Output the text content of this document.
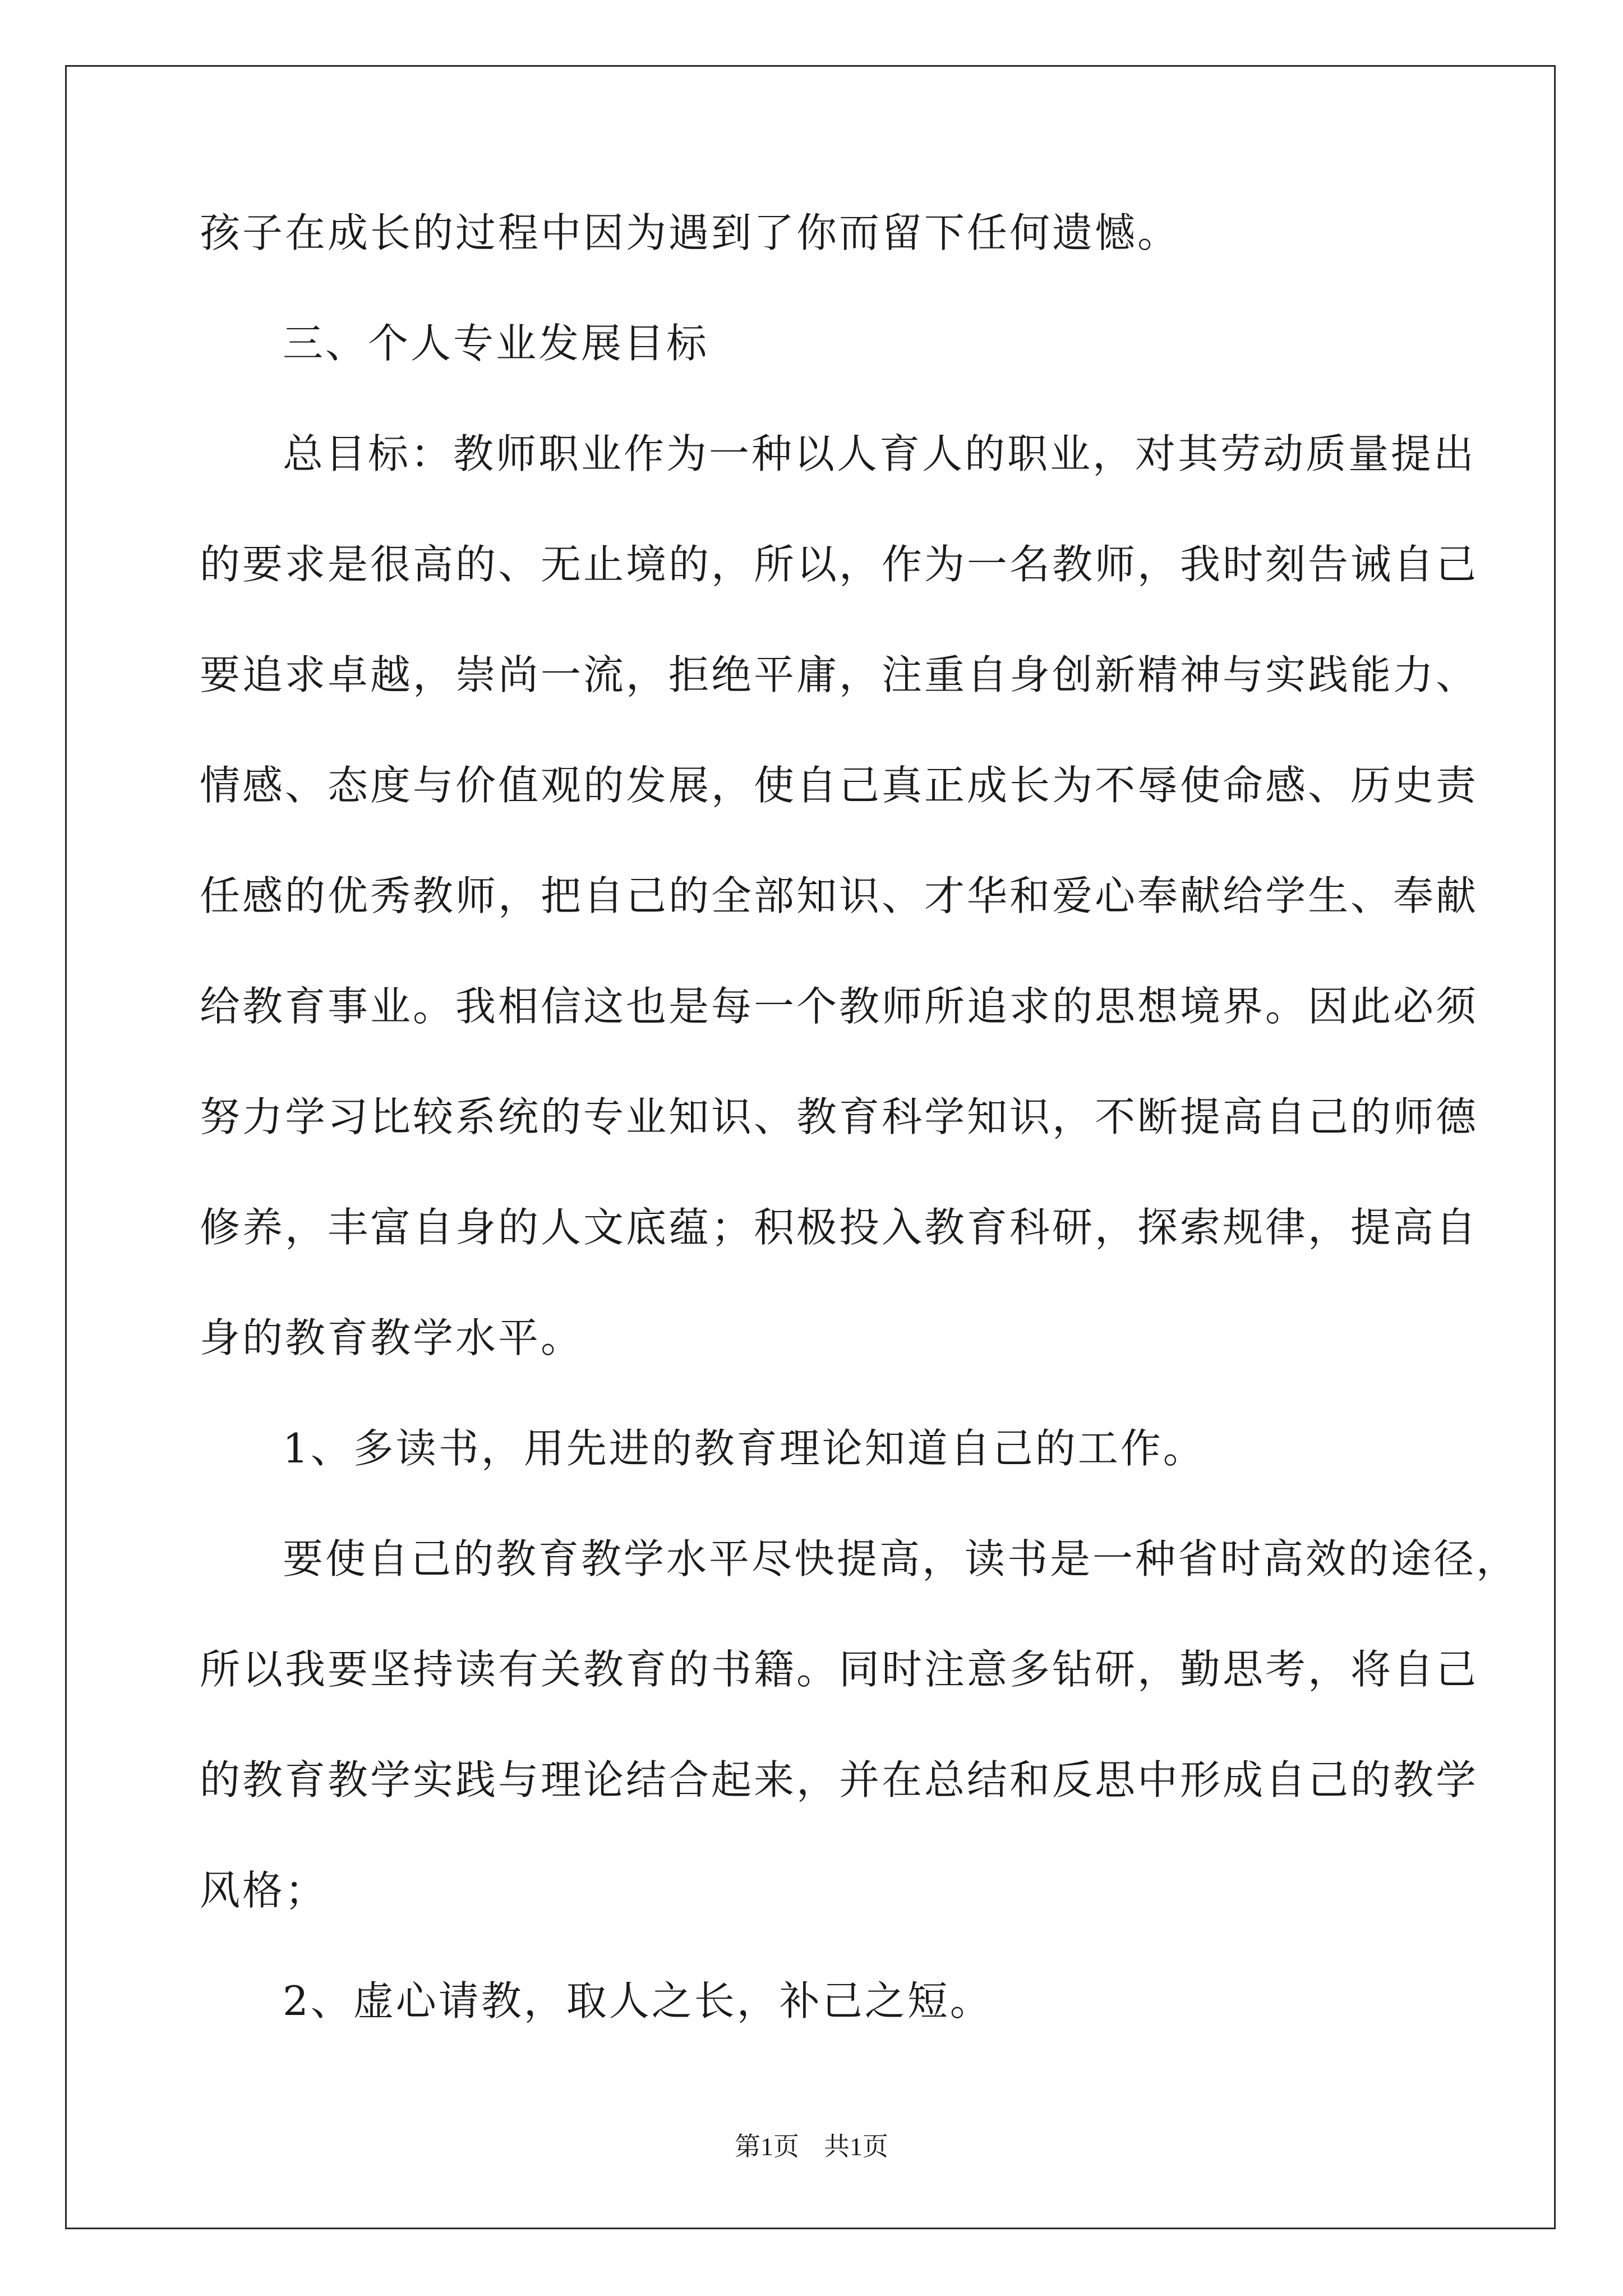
孩子在成长的过程中因为遇到了你而留下任何遗憾。
三、个人专业发展目标
总目标：教师职业作为一种以人育人的职业，对其劳动质量提出
的要求是很高的、无止境的，所以，作为一名教师，我时刻告诫自己
要追求卓越，崇尚一流，拒绝平庸，注重自身创新精神与实践能力、
情感、态度与价值观的发展，使自己真正成长为不辱使命感、历史责
任感的优秀教师，把自己的全部知识、才华和爱心奉献给学生、奉献
给教育事业。我相信这也是每一个教师所追求的思想境界。因此必须
努力学习比较系统的专业知识、教育科学知识，不断提高自己的师德
修养，丰富自身的人文底蕴；积极投入教育科研，探索规律，提高自
身的教育教学水平。
1、多读书，用先进的教育理论知道自己的工作。
要使自己的教育教学水平尽快提高，读书是一种省时高效的途径，
所以我要坚持读有关教育的书籍。同时注意多钻研，勤思考，将自己
的教育教学实践与理论结合起来，并在总结和反思中形成自己的教学
风格；
2、虚心请教，取人之长，补己之短。
第1页 共1页
